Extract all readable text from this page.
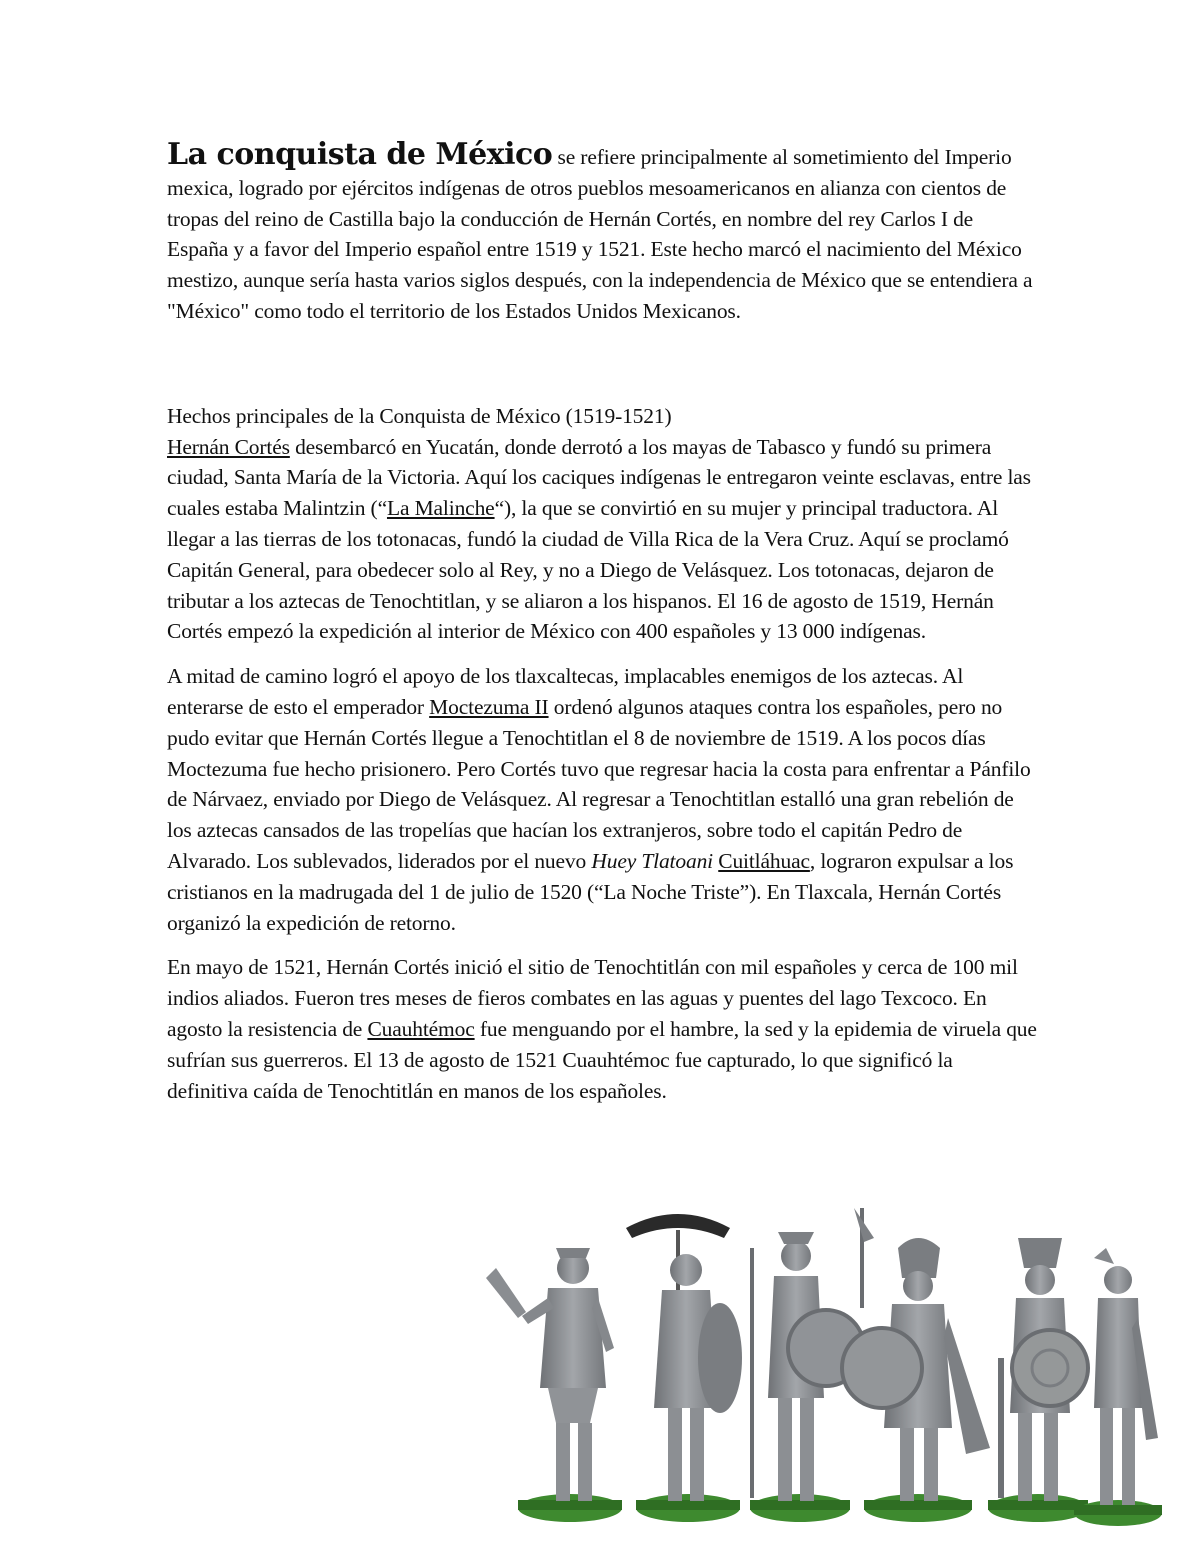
La conquista de México se refiere principalmente al sometimiento del Imperio mexica, logrado por ejércitos indígenas de otros pueblos mesoamericanos en alianza con cientos de tropas del reino de Castilla bajo la conducción de Hernán Cortés, en nombre del rey Carlos I de España y a favor del Imperio español entre 1519 y 1521. Este hecho marcó el nacimiento del México mestizo, aunque sería hasta varios siglos después, con la independencia de México que se entendiera a "México" como todo el territorio de los Estados Unidos Mexicanos.

Hechos principales de la Conquista de México (1519-1521)

Hernán Cortés desembarcó en Yucatán, donde derrotó a los mayas de Tabasco y fundó su primera ciudad, Santa María de la Victoria. Aquí los caciques indígenas le entregaron veinte esclavas, entre las cuales estaba Malintzin (“La Malinche“), la que se convirtió en su mujer y principal traductora. Al llegar a las tierras de los totonacas, fundó la ciudad de Villa Rica de la Vera Cruz. Aquí se proclamó Capitán General, para obedecer solo al Rey, y no a Diego de Velásquez. Los totonacas, dejaron de tributar a los aztecas de Tenochtitlan, y se aliaron a los hispanos. El 16 de agosto de 1519, Hernán Cortés empezó la expedición al interior de México con 400 españoles y 13 000 indígenas.

A mitad de camino logró el apoyo de los tlaxcaltecas, implacables enemigos de los aztecas. Al enterarse de esto el emperador Moctezuma II ordenó algunos ataques contra los españoles, pero no pudo evitar que Hernán Cortés llegue a Tenochtitlan el 8 de noviembre de 1519. A los pocos días Moctezuma fue hecho prisionero. Pero Cortés tuvo que regresar hacia la costa para enfrentar a Pánfilo de Nárvaez, enviado por Diego de Velásquez. Al regresar a Tenochtitlan estalló una gran rebelión de los aztecas cansados de las tropelías que hacían los extranjeros, sobre todo el capitán Pedro de Alvarado. Los sublevados, liderados por el nuevo Huey Tlatoani Cuitláhuac, lograron expulsar a los cristianos en la madrugada del 1 de julio de 1520 (“La Noche Triste”). En Tlaxcala, Hernán Cortés organizó la expedición de retorno.

En mayo de 1521, Hernán Cortés inició el sitio de Tenochtitlán con mil españoles y cerca de 100 mil indios aliados. Fueron tres meses de fieros combates en las aguas y puentes del lago Texcoco. En agosto la resistencia de Cuauhtémoc fue menguando por el hambre, la sed y la epidemia de viruela que sufrían sus guerreros. El 13 de agosto de 1521 Cuauhtémoc fue capturado, lo que significó la definitiva caída de Tenochtitlán en manos de los españoles.
